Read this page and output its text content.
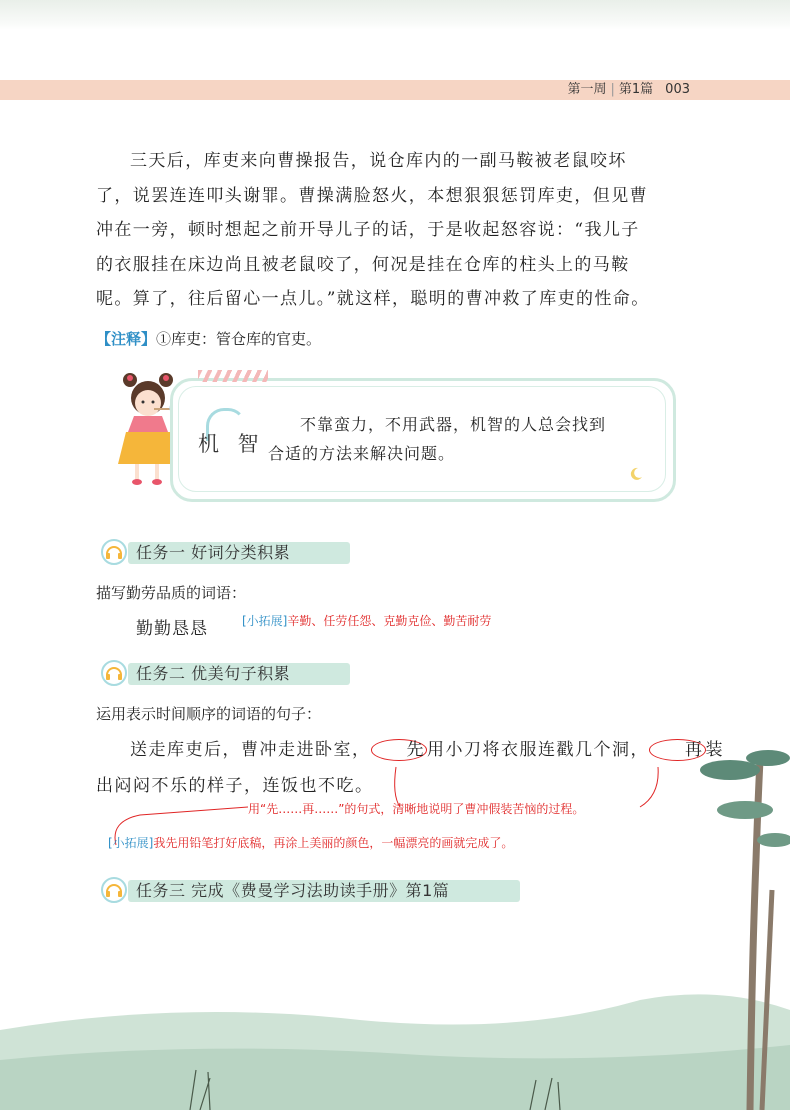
第一周 | 第1篇 003
三天后，库吏来向曹操报告，说仓库内的一副马鞍被老鼠咬坏
了，说罢连连叩头谢罪。曹操满脸怒火，本想狠狠惩罚库吏，但见曹
冲在一旁，顿时想起之前开导儿子的话，于是收起怒容说：“我儿子
的衣服挂在床边尚且被老鼠咬了，何况是挂在仓库的柱头上的马鞍
呢。算了，往后留心一点儿。”就这样，聪明的曹冲救了库吏的性命。
【注释】①库吏：管仓库的官吏。
机 智
不靠蛮力，不用武器，机智的人总会找到
合适的方法来解决问题。
任务一 好词分类积累
描写勤劳品质的词语：
勤勤恳恳	[小拓展]辛勤、任劳任怨、克勤克俭、勤苦耐劳
任务二 优美句子积累
运用表示时间顺序的词语的句子：
送走库吏后，曹冲走进卧室， 先 用小刀将衣服连戳几个洞， 再 装
出闷闷不乐的样子，连饭也不吃。
用“先……再……”的句式，清晰地说明了曹冲假装苦恼的过程。
[小拓展]我先用铅笔打好底稿，再涂上美丽的颜色，一幅漂亮的画就完成了。
任务三 完成《费曼学习法助读手册》第1篇
